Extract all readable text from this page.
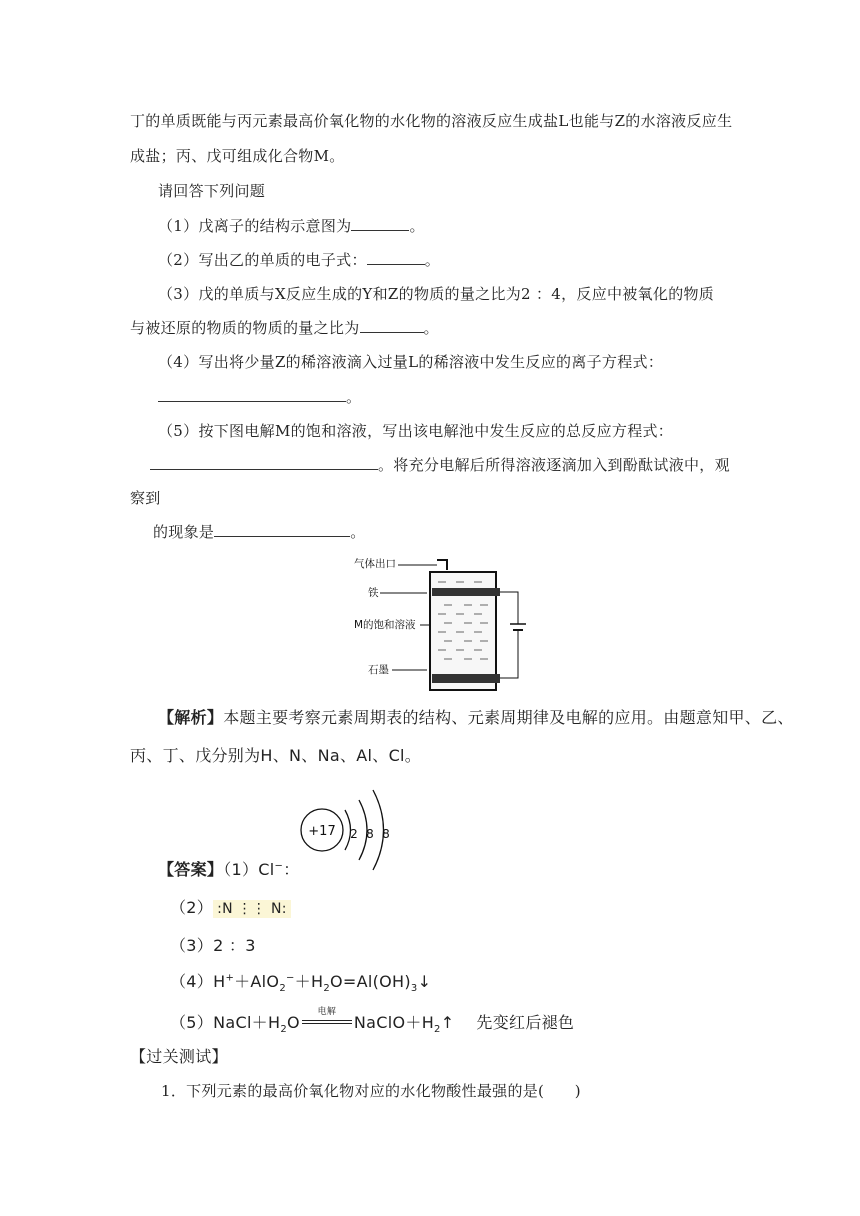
丁的单质既能与丙元素最高价氧化物的水化物的溶液反应生成盐L也能与Z的水溶液反应生
成盐；丙、戊可组成化合物M。
请回答下列问题
（1）戊离子的结构示意图为	。
（2）写出乙的单质的电子式：	。
（3）戊的单质与X反应生成的Y和Z的物质的量之比为2 ：4，反应中被氧化的物质
与被还原的物质的物质的量之比为	。
（4）写出将少量Z的稀溶液滴入过量L的稀溶液中发生反应的离子方程式：
。
（5）按下图电解M的饱和溶液，写出该电解池中发生反应的总反应方程式：
。将充分电解后所得溶液逐滴加入到酚酞试液中，观
察到
的现象是	。
气体出口
铁
M的饱和溶液
石墨
【解析】本题主要考察元素周期表的结构、元素周期律及电解的应用。由题意知甲、乙、
丙、丁、戊分别为H、N、Na、Al、Cl。
+17 2 8 8
【答案】（1）Cl−：
（2） :N ⋮⋮ N:
（3）2 ：3
$(4)H^++AlO_2^-+H_2O=Al(OH)_3↓$
$(5)NaCl+H_2O$
电解
$NaClO+H_2↑$ 先变红后褪色
【过关测试】
1．下列元素的最高价氧化物对应的水化物酸性最强的是(　　)
